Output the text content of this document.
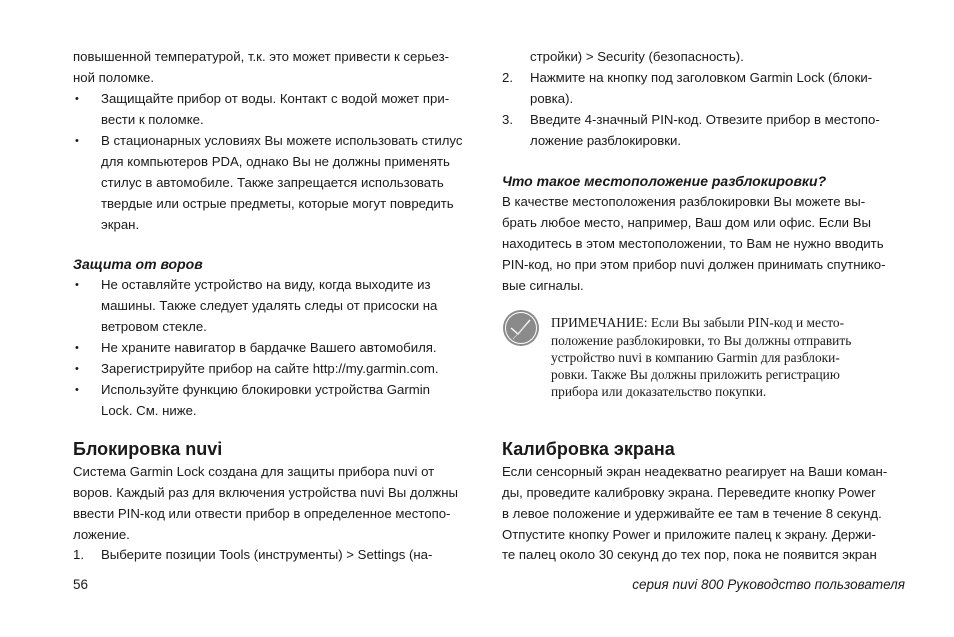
повышенной температурой, т.к. это может привести к серьез-
ной поломке.
•	Защищайте прибор от воды. Контакт с водой может при-
вести к поломке.
•	В стационарных условиях Вы можете использовать стилус
для компьютеров PDA, однако Вы не должны применять
стилус в автомобиле. Также запрещается использовать
твердые или острые предметы, которые могут повредить
экран.
Защита от воров
•	Не оставляйте устройство на виду, когда выходите из
машины. Также следует удалять следы от присоски на
ветровом стекле.
•	Не храните навигатор в бардачке Вашего автомобиля.
•	Зарегистрируйте прибор на сайте http://my.garmin.com.
•	Используйте функцию блокировки устройства Garmin
Lock. См. ниже.
Блокировка nuvi
Система Garmin Lock создана для защиты прибора nuvi от
воров. Каждый раз для включения устройства nuvi Вы должны
ввести PIN-код или отвести прибор в определенное местопо-
ложение.
1.	Выберите позиции Tools (инструменты) > Settings (на-
стройки) > Security (безопасность).
2.	Нажмите на кнопку под заголовком Garmin Lock (блоки-
ровка).
3.	Введите 4-значный PIN-код. Отвезите прибор в местопо-
ложение разблокировки.
Что такое местоположение разблокировки?
В качестве местоположения разблокировки Вы можете вы-
брать любое место, например, Ваш дом или офис. Если Вы
находитесь в этом местоположении, то Вам не нужно вводить
PIN-код, но при этом прибор nuvi должен принимать спутнико-
вые сигналы.
ПРИМЕЧАНИЕ: Если Вы забыли PIN-код и место-
положение разблокировки, то Вы должны отправить
устройство nuvi в компанию Garmin для разблоки-
ровки. Также Вы должны приложить регистрацию
прибора или доказательство покупки.
Калибровка экрана
Если сенсорный экран неадекватно реагирует на Ваши коман-
ды, проведите калибровку экрана. Переведите кнопку Power
в левое положение и удерживайте ее там в течение 8 секунд.
Отпустите кнопку Power и приложите палец к экрану. Держи-
те палец около 30 секунд до тех пор, пока не появится экран
56	серия nuvi 800 Руководство пользователя
